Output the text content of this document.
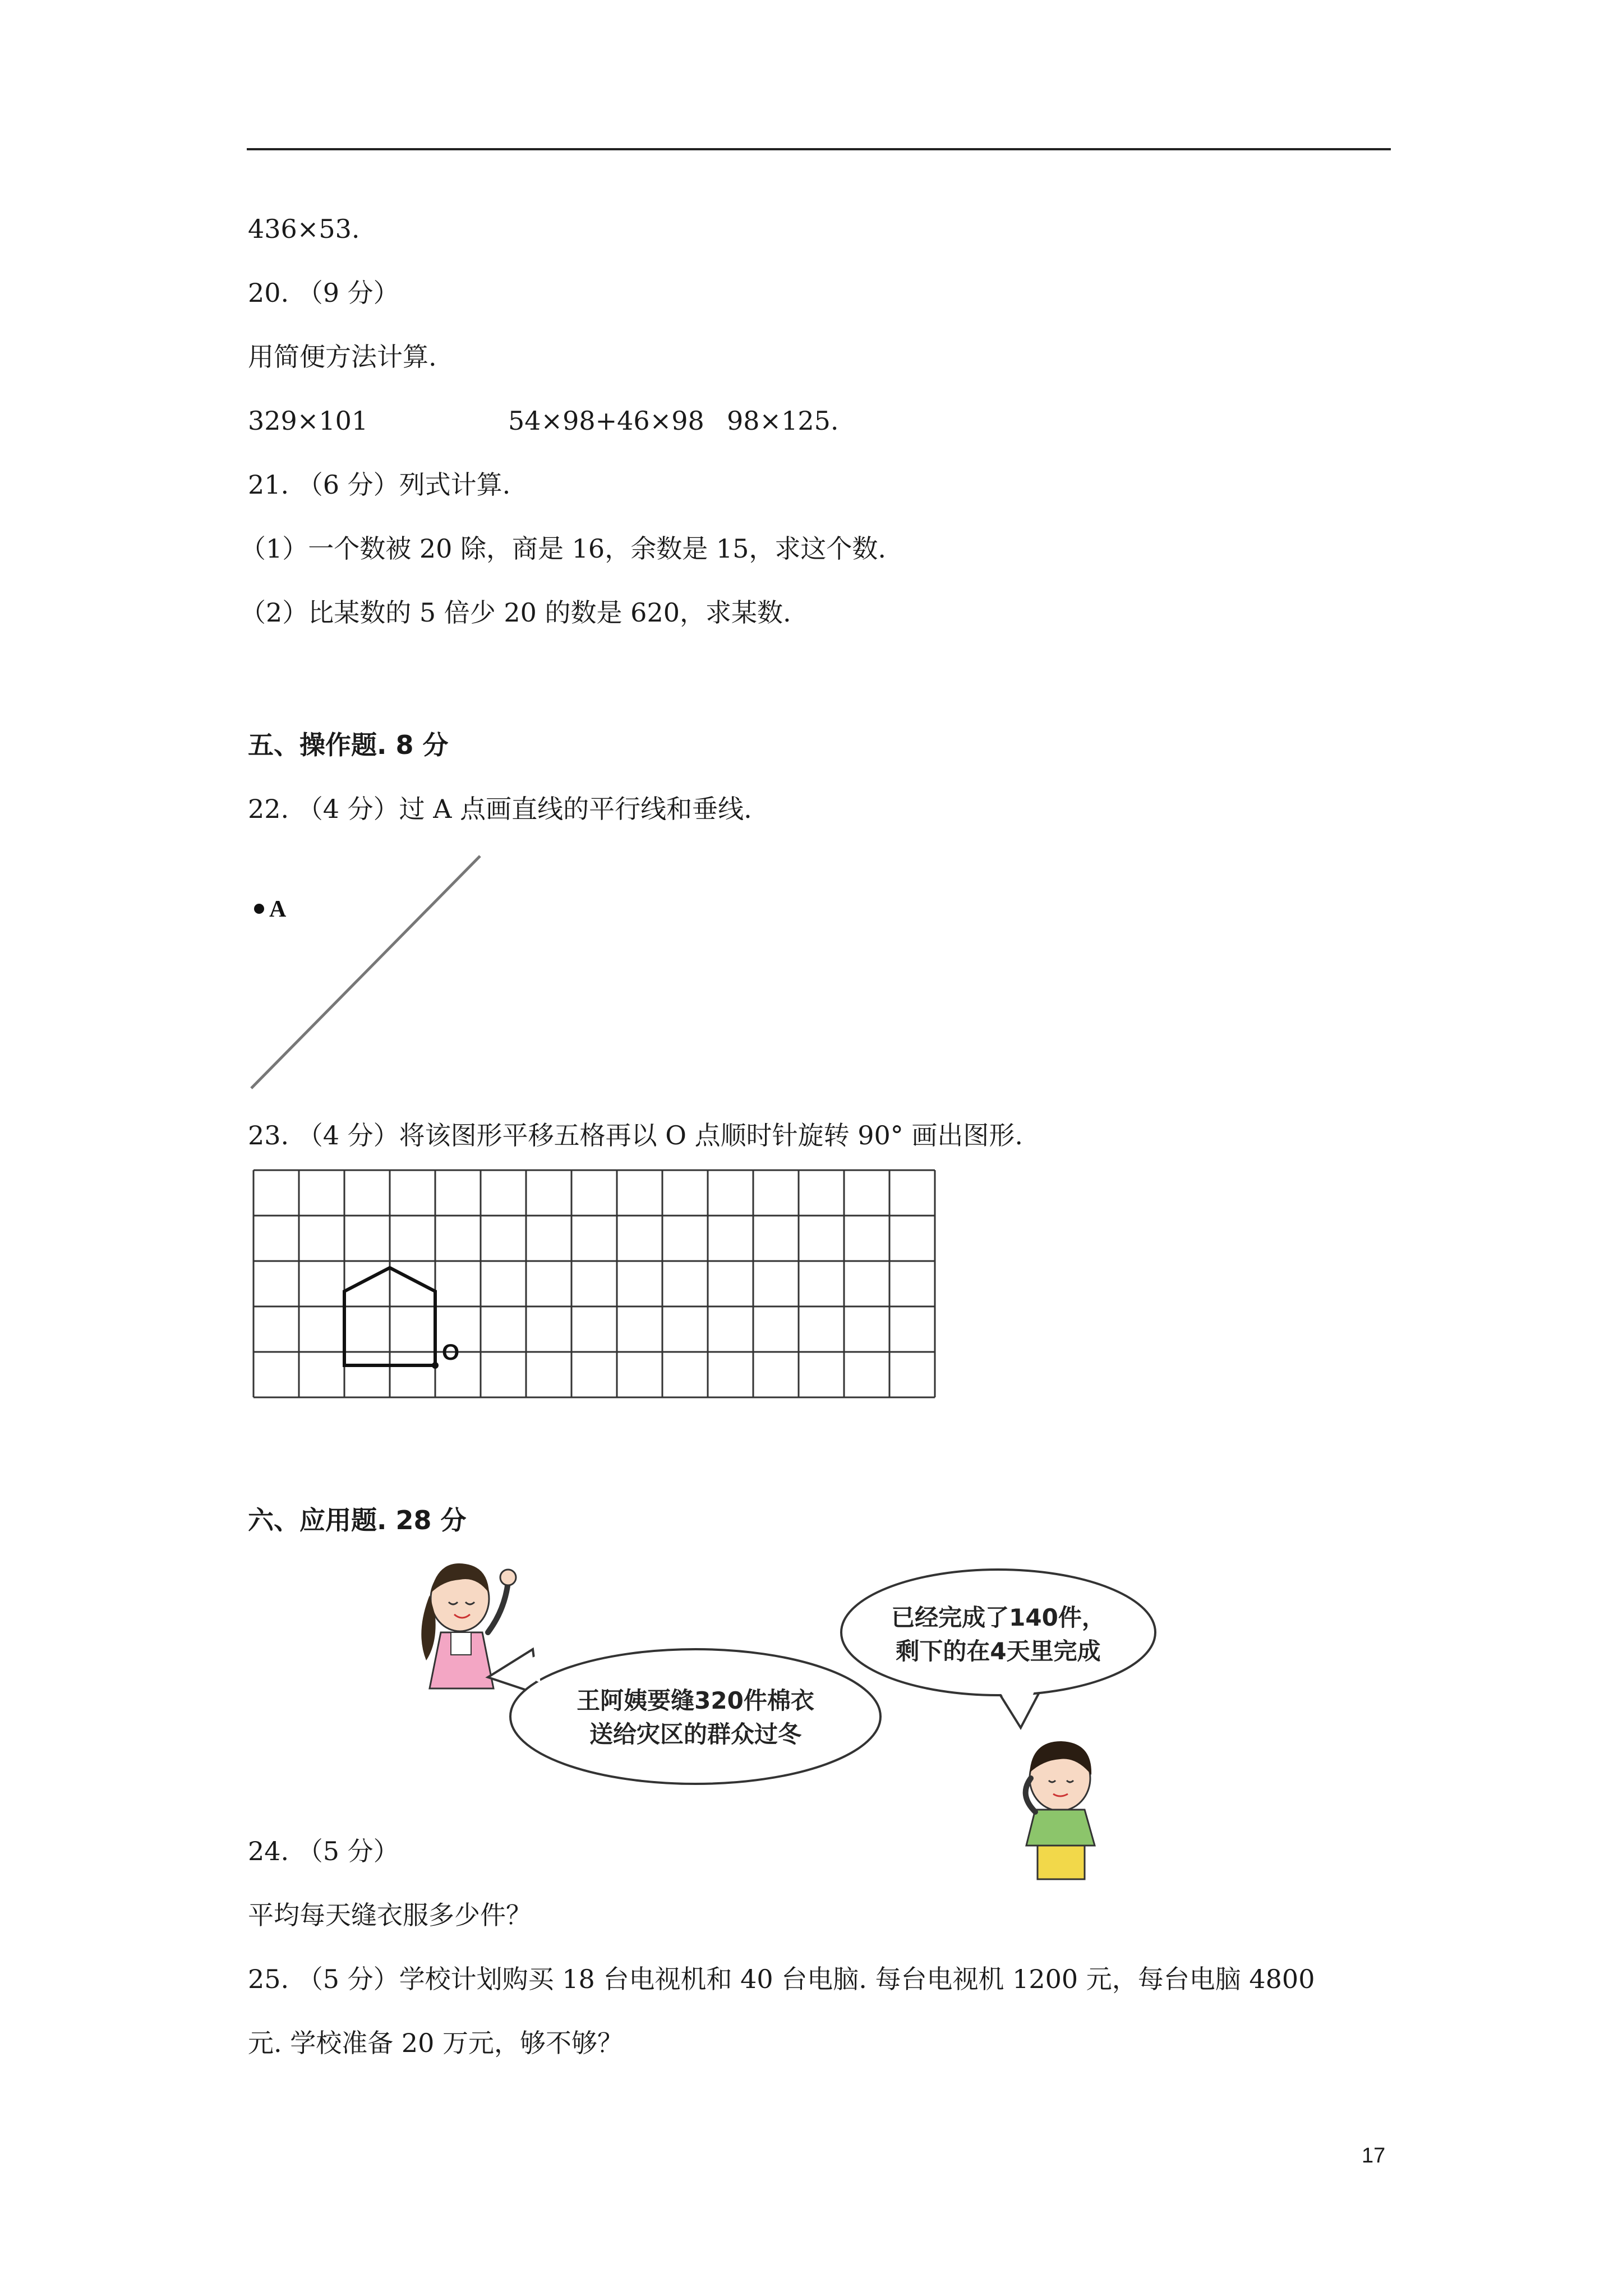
436×53.
20. （9 分）
用简便方法计算.
329×101	54×98+46×98 98×125.
21. （6 分）列式计算.
（1）一个数被 20 除，商是 16，余数是 15，求这个数.
（2）比某数的 5 倍少 20 的数是 620，求某数.
五、操作题. 8 分
22. （4 分）过 A 点画直线的平行线和垂线.
A
23. （4 分）将该图形平移五格再以 O 点顺时针旋转 90° 画出图形.
O
六、应用题. 28 分
王阿姨要缝320件棉衣
送给灾区的群众过冬
已经完成了140件，
剩下的在4天里完成
24. （5 分）
平均每天缝衣服多少件？
25. （5 分）学校计划购买 18 台电视机和 40 台电脑. 每台电视机 1200 元，每台电脑 4800
元. 学校准备 20 万元，够不够？
17
